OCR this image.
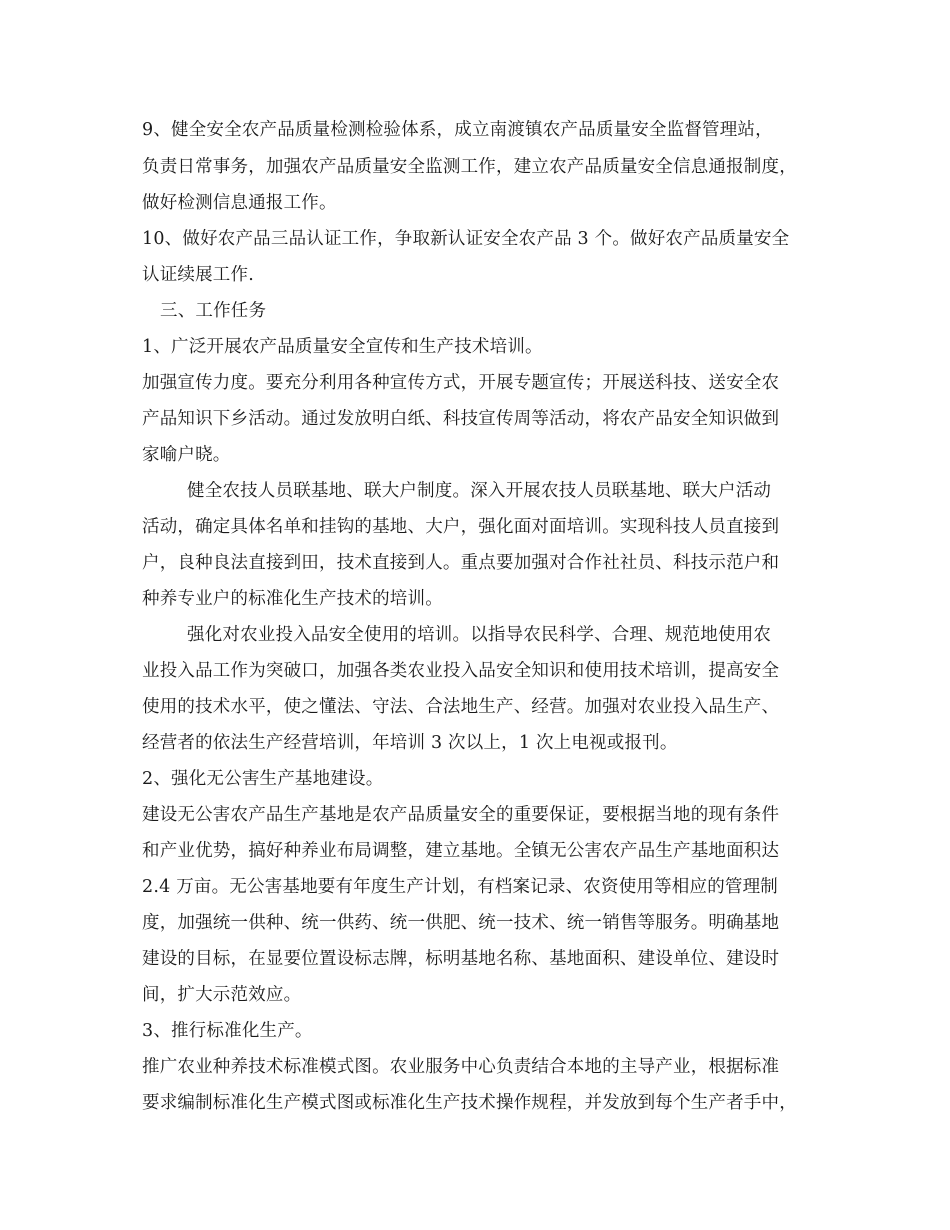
9、健全安全农产品质量检测检验体系，成立南渡镇农产品质量安全监督管理站，
负责日常事务，加强农产品质量安全监测工作，建立农产品质量安全信息通报制度，
做好检测信息通报工作。
10、做好农产品三品认证工作，争取新认证安全农产品 3 个。做好农产品质量安全
认证续展工作.
三、工作任务
1、广泛开展农产品质量安全宣传和生产技术培训。
加强宣传力度。要充分利用各种宣传方式，开展专题宣传；开展送科技、送安全农
产品知识下乡活动。通过发放明白纸、科技宣传周等活动，将农产品安全知识做到
家喻户晓。
健全农技人员联基地、联大户制度。深入开展农技人员联基地、联大户活动
活动，确定具体名单和挂钩的基地、大户，强化面对面培训。实现科技人员直接到
户，良种良法直接到田，技术直接到人。重点要加强对合作社社员、科技示范户和
种养专业户的标准化生产技术的培训。
强化对农业投入品安全使用的培训。以指导农民科学、合理、规范地使用农
业投入品工作为突破口，加强各类农业投入品安全知识和使用技术培训，提高安全
使用的技术水平，使之懂法、守法、合法地生产、经营。加强对农业投入品生产、
经营者的依法生产经营培训，年培训 3 次以上，1 次上电视或报刊。
2、强化无公害生产基地建设。
建设无公害农产品生产基地是农产品质量安全的重要保证，要根据当地的现有条件
和产业优势，搞好种养业布局调整，建立基地。全镇无公害农产品生产基地面积达
2.4 万亩。无公害基地要有年度生产计划，有档案记录、农资使用等相应的管理制
度，加强统一供种、统一供药、统一供肥、统一技术、统一销售等服务。明确基地
建设的目标，在显要位置设标志牌，标明基地名称、基地面积、建设单位、建设时
间，扩大示范效应。
3、推行标准化生产。
推广农业种养技术标准模式图。农业服务中心负责结合本地的主导产业，根据标准
要求编制标准化生产模式图或标准化生产技术操作规程，并发放到每个生产者手中，
